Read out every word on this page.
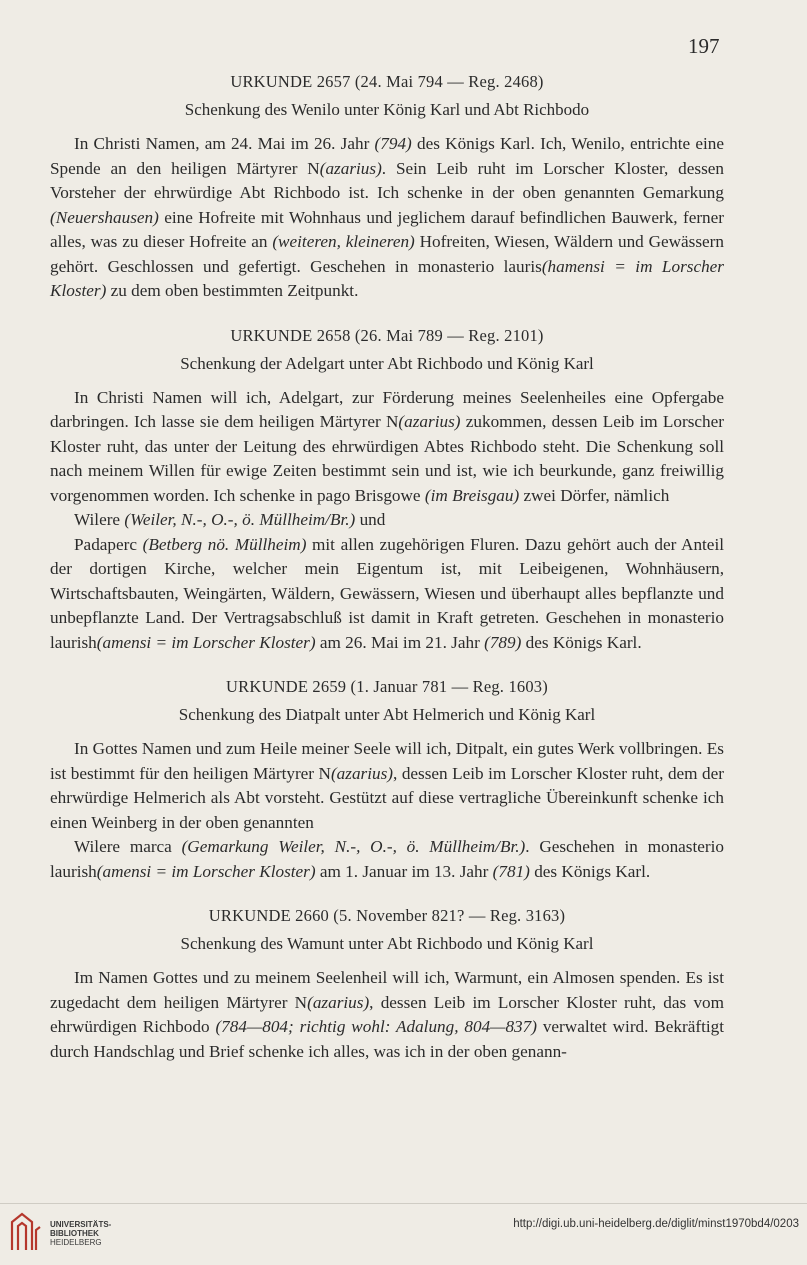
197
URKUNDE 2657 (24. Mai 794 — Reg. 2468)
Schenkung des Wenilo unter König Karl und Abt Richbodo

In Christi Namen, am 24. Mai im 26. Jahr (794) des Königs Karl. Ich, Wenilo, entrichte eine Spende an den heiligen Märtyrer N(azarius). Sein Leib ruht im Lorscher Kloster, dessen Vorsteher der ehrwürdige Abt Richbodo ist. Ich schenke in der oben genannten Gemarkung (Neuershausen) eine Hofreite mit Wohnhaus und jeglichem darauf befindlichen Bauwerk, ferner alles, was zu dieser Hofreite an (weiteren, kleineren) Hofreiten, Wiesen, Wäldern und Gewässern gehört. Geschlossen und gefertigt. Geschehen in monasterio lauris(hamensi = im Lorscher Kloster) zu dem oben bestimmten Zeitpunkt.

URKUNDE 2658 (26. Mai 789 — Reg. 2101)
Schenkung der Adelgart unter Abt Richbodo und König Karl

In Christi Namen will ich, Adelgart, zur Förderung meines Seelenheiles eine Opfergabe darbringen. Ich lasse sie dem heiligen Märtyrer N(azarius) zukommen, dessen Leib im Lorscher Kloster ruht, das unter der Leitung des ehrwürdigen Abtes Richbodo steht. Die Schenkung soll nach meinem Willen für ewige Zeiten bestimmt sein und ist, wie ich beurkunde, ganz freiwillig vorgenommen worden. Ich schenke in pago Brisgowe (im Breisgau) zwei Dörfer, nämlich

Wilere (Weiler, N.-, O.-, ö. Müllheim/Br.) und

Padaperc (Betberg nö. Müllheim) mit allen zugehörigen Fluren. Dazu gehört auch der Anteil der dortigen Kirche, welcher mein Eigentum ist, mit Leibeigenen, Wohnhäusern, Wirtschaftsbauten, Weingärten, Wäldern, Gewässern, Wiesen und überhaupt alles bepflanzte und unbepflanzte Land. Der Vertragsabschluß ist damit in Kraft getreten. Geschehen in monasterio laurish(amensi = im Lorscher Kloster) am 26. Mai im 21. Jahr (789) des Königs Karl.

URKUNDE 2659 (1. Januar 781 — Reg. 1603)
Schenkung des Diatpalt unter Abt Helmerich und König Karl

In Gottes Namen und zum Heile meiner Seele will ich, Ditpalt, ein gutes Werk vollbringen. Es ist bestimmt für den heiligen Märtyrer N(azarius), dessen Leib im Lorscher Kloster ruht, dem der ehrwürdige Helmerich als Abt vorsteht. Gestützt auf diese vertragliche Übereinkunft schenke ich einen Weinberg in der oben genannten

Wilere marca (Gemarkung Weiler, N.-, O.-, ö. Müllheim/Br.). Geschehen in monasterio laurish(amensi = im Lorscher Kloster) am 1. Januar im 13. Jahr (781) des Königs Karl.

URKUNDE 2660 (5. November 821? — Reg. 3163)
Schenkung des Wamunt unter Abt Richbodo und König Karl

Im Namen Gottes und zu meinem Seelenheil will ich, Warmunt, ein Almosen spenden. Es ist zugedacht dem heiligen Märtyrer N(azarius), dessen Leib im Lorscher Kloster ruht, das vom ehrwürdigen Richbodo (784—804; richtig wohl: Adalung, 804—837) verwaltet wird. Bekräftigt durch Handschlag und Brief schenke ich alles, was ich in der oben genann-

UNIVERSITÄTS-
BIBLIOTHEK
HEIDELBERG
http://digi.ub.uni-heidelberg.de/diglit/minst1970bd4/0203
